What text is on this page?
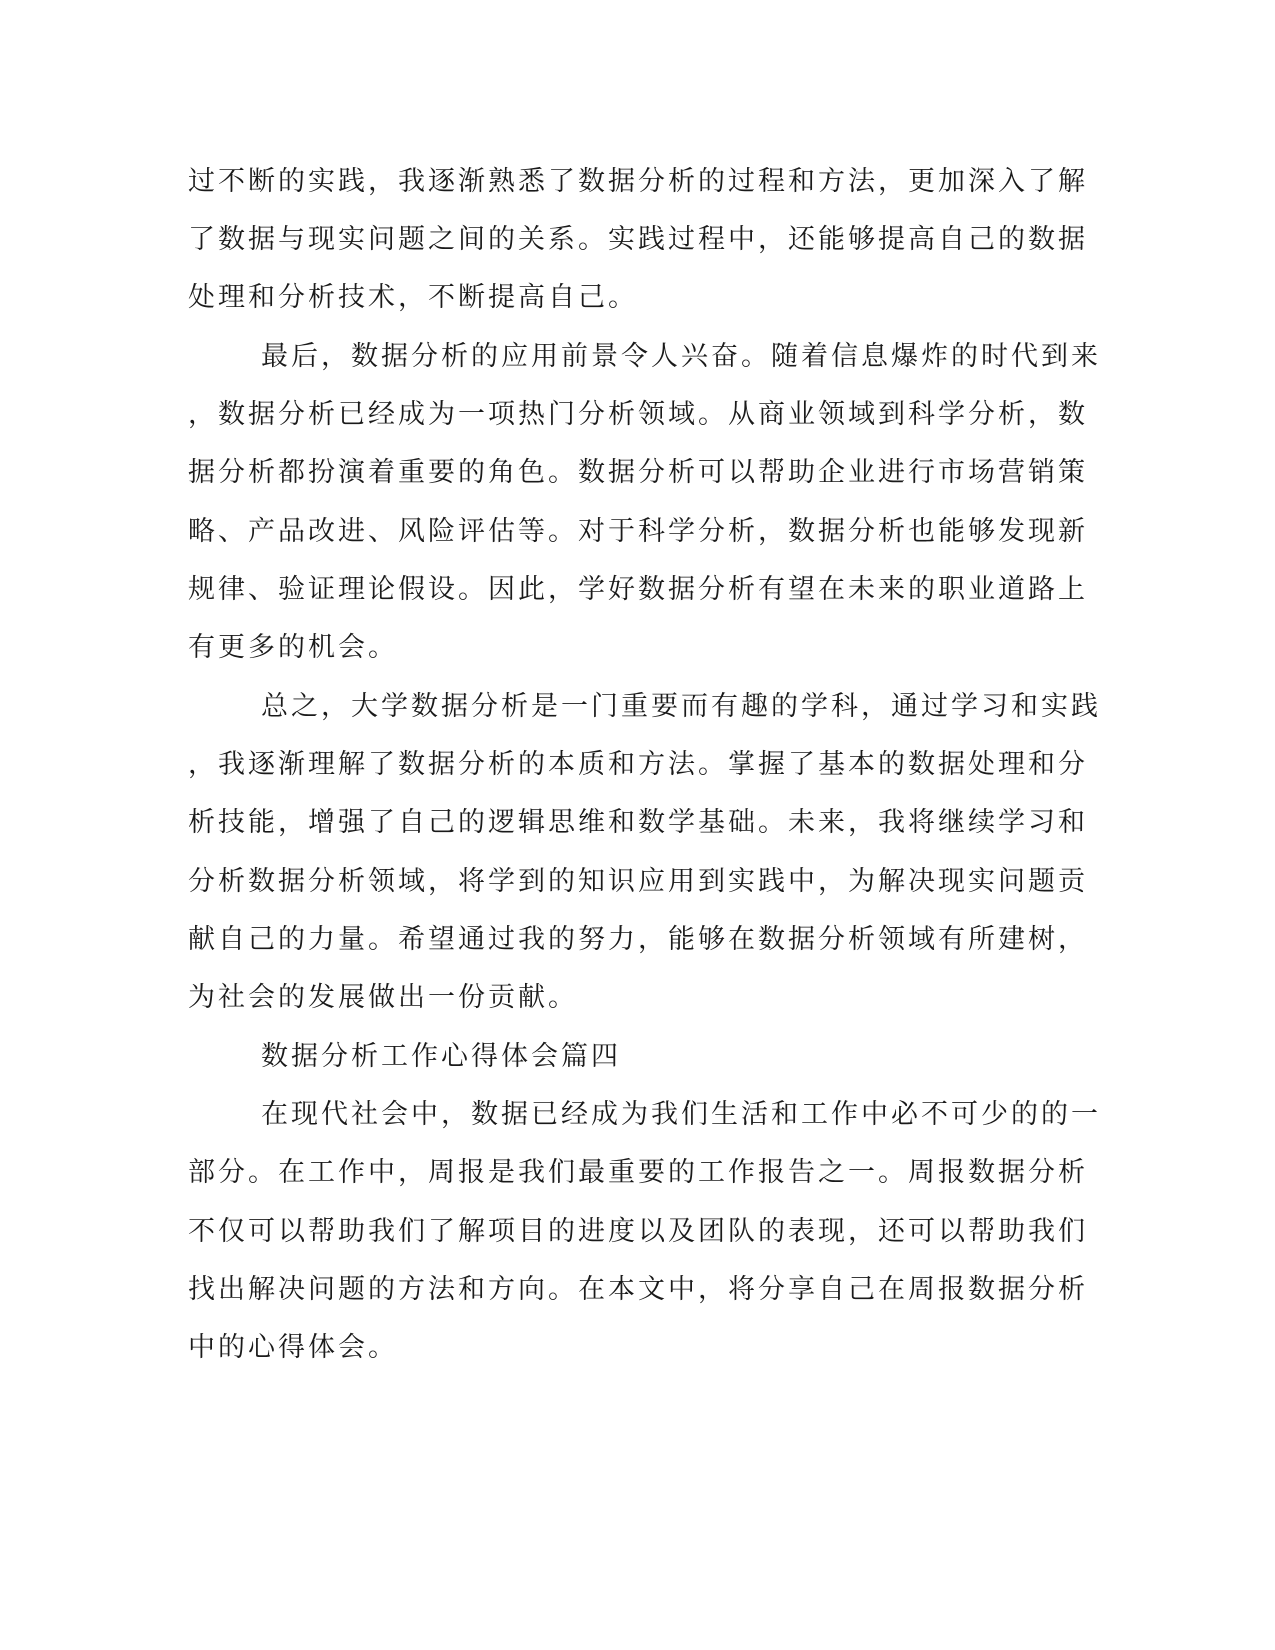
过不断的实践，我逐渐熟悉了数据分析的过程和方法，更加深入了解
了数据与现实问题之间的关系。实践过程中，还能够提高自己的数据
处理和分析技术，不断提高自己。
最后，数据分析的应用前景令人兴奋。随着信息爆炸的时代到来
，数据分析已经成为一项热门分析领域。从商业领域到科学分析，数
据分析都扮演着重要的角色。数据分析可以帮助企业进行市场营销策
略、产品改进、风险评估等。对于科学分析，数据分析也能够发现新
规律、验证理论假设。因此，学好数据分析有望在未来的职业道路上
有更多的机会。
总之，大学数据分析是一门重要而有趣的学科，通过学习和实践
，我逐渐理解了数据分析的本质和方法。掌握了基本的数据处理和分
析技能，增强了自己的逻辑思维和数学基础。未来，我将继续学习和
分析数据分析领域，将学到的知识应用到实践中，为解决现实问题贡
献自己的力量。希望通过我的努力，能够在数据分析领域有所建树，
为社会的发展做出一份贡献。
数据分析工作心得体会篇四
在现代社会中，数据已经成为我们生活和工作中必不可少的的一
部分。在工作中，周报是我们最重要的工作报告之一。周报数据分析
不仅可以帮助我们了解项目的进度以及团队的表现，还可以帮助我们
找出解决问题的方法和方向。在本文中，将分享自己在周报数据分析
中的心得体会。
